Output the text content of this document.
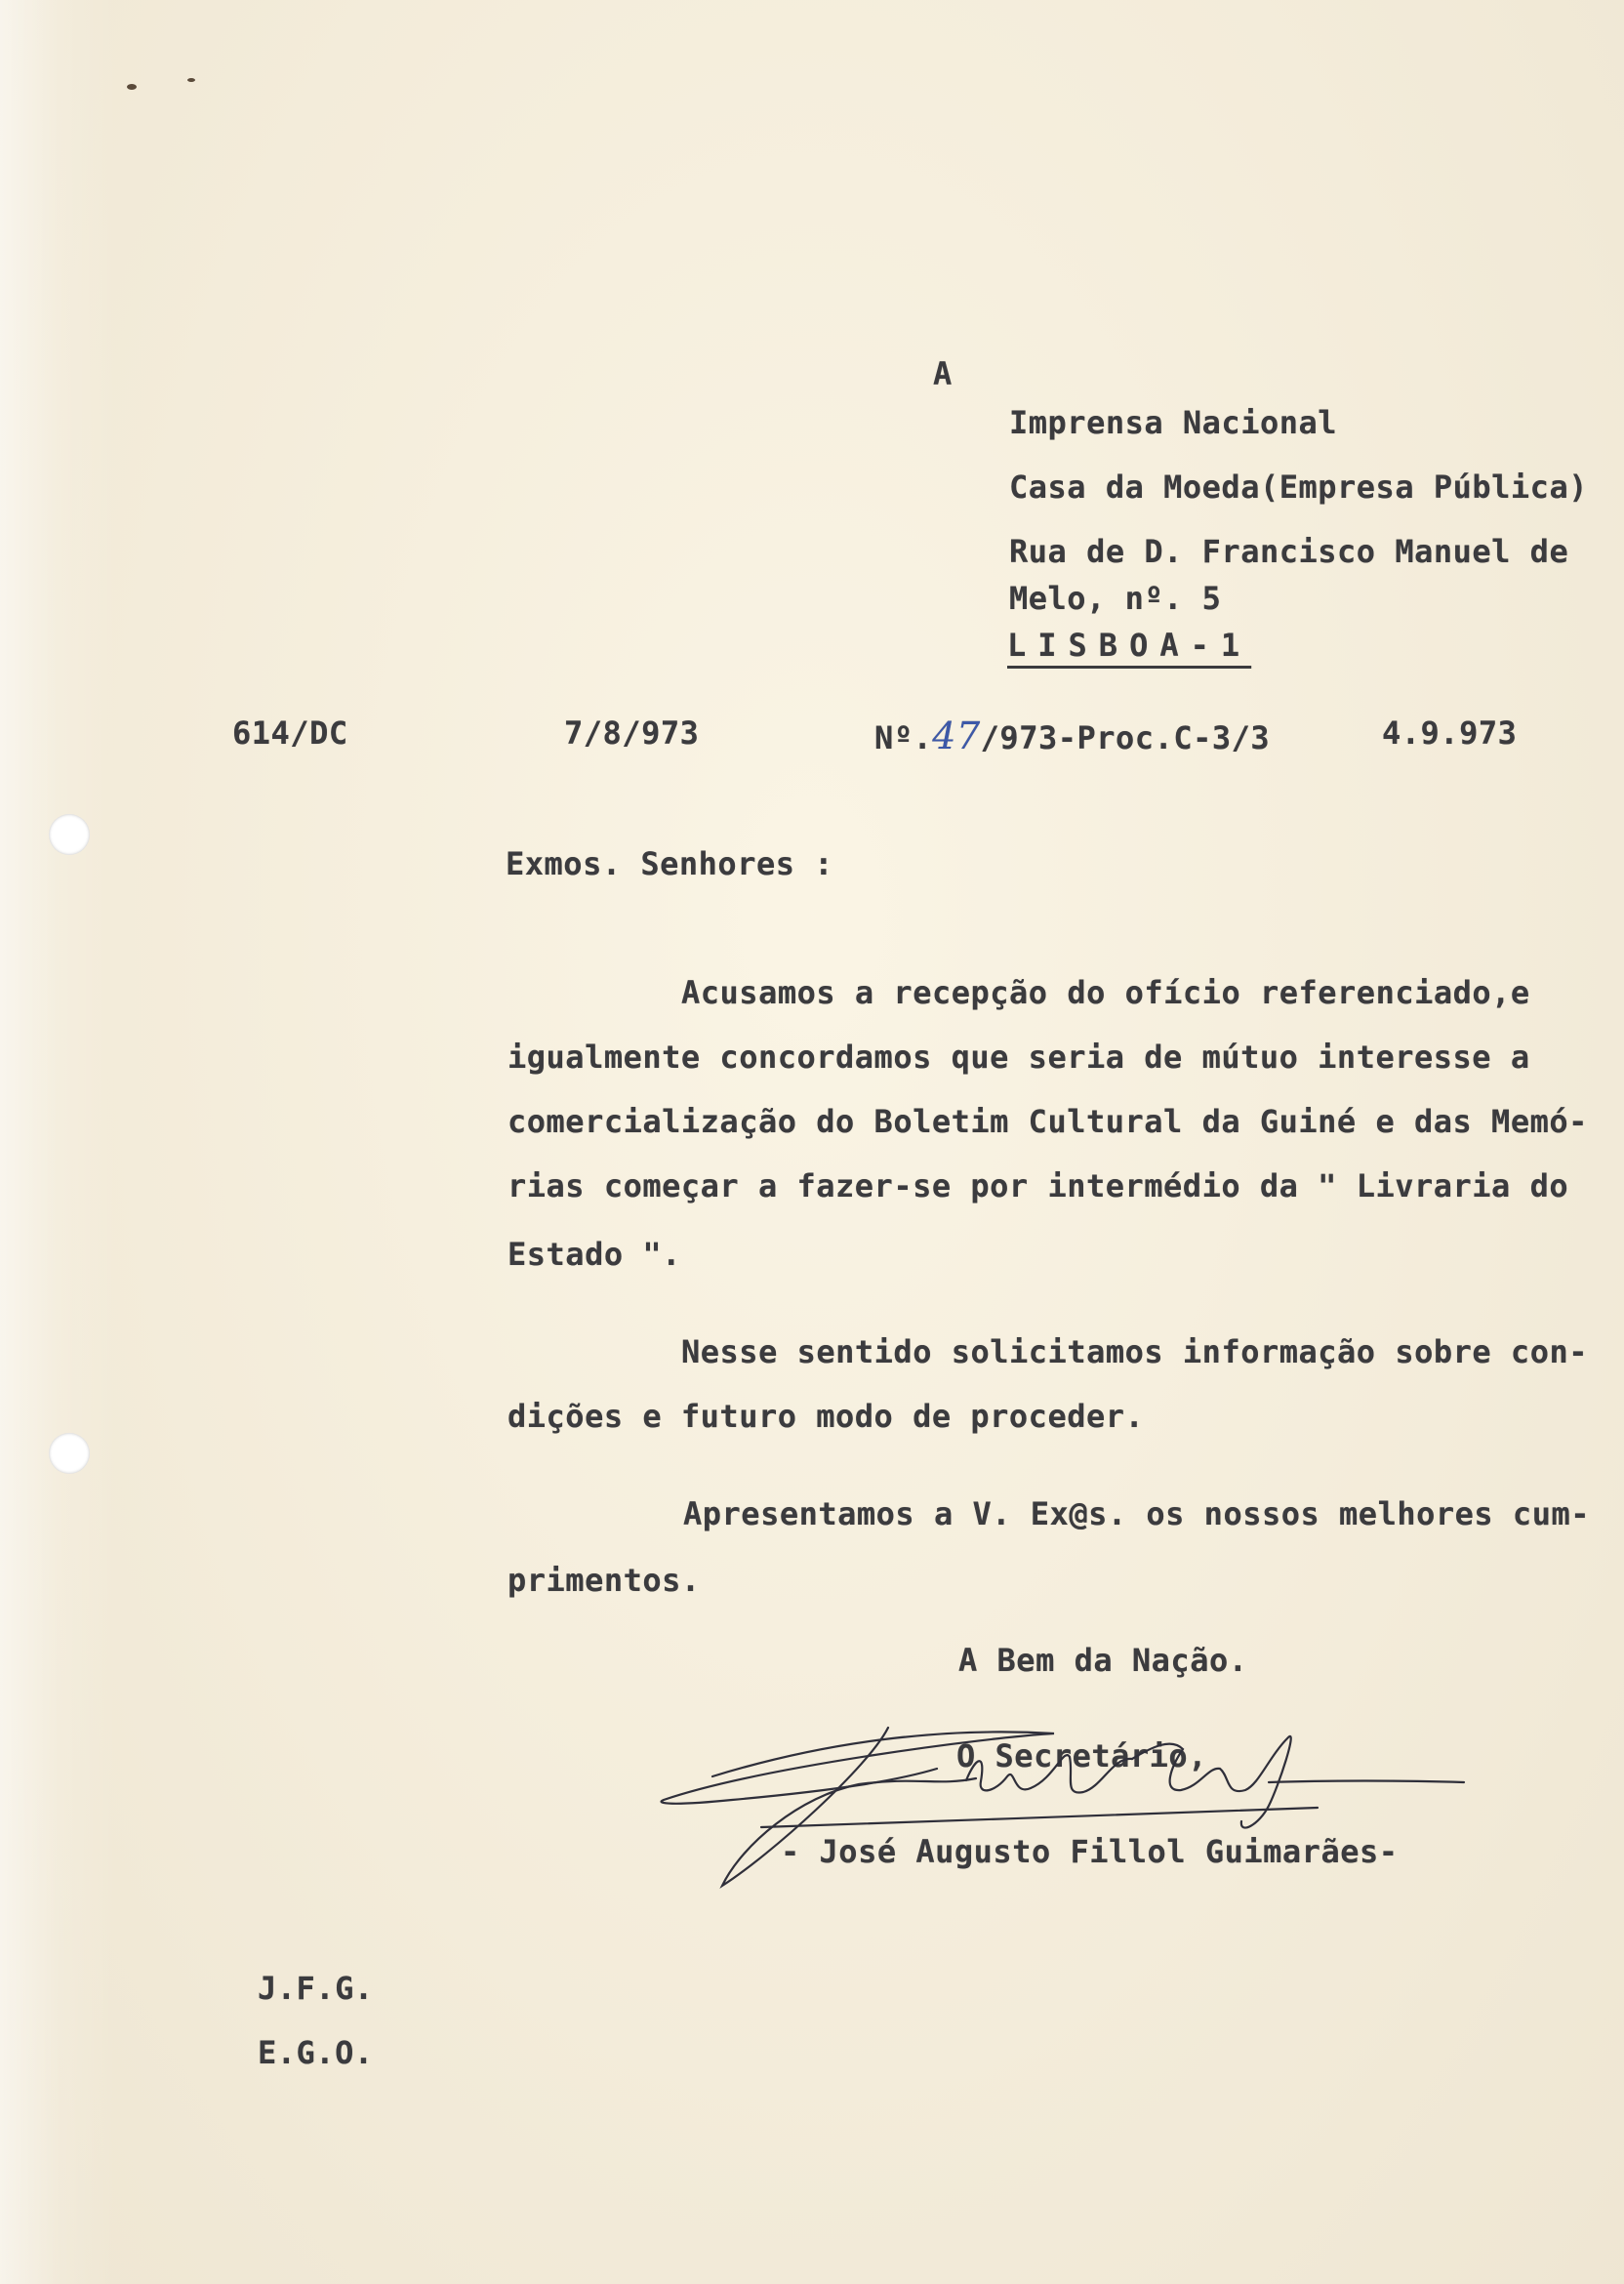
A
Imprensa Nacional
Casa da Moeda(Empresa Pública)
Rua de D. Francisco Manuel de
Melo, nº. 5
LISBOA-1
614/DC	7/8/973	Nº.47/973-Proc.C-3/3	4.9.973
Exmos. Senhores :
Acusamos a recepção do ofício referenciado,e
igualmente concordamos que seria de mútuo interesse a
comercialização do Boletim Cultural da Guiné e das Memó-
rias começar a fazer-se por intermédio da " Livraria do
Estado ".
Nesse sentido solicitamos informação sobre con-
dições e futuro modo de proceder.
Apresentamos a V. Ex@s. os nossos melhores cum-
primentos.
A Bem da Nação.
O Secretário,
- José Augusto Fillol Guimarães-
J.F.G.
E.G.O.
